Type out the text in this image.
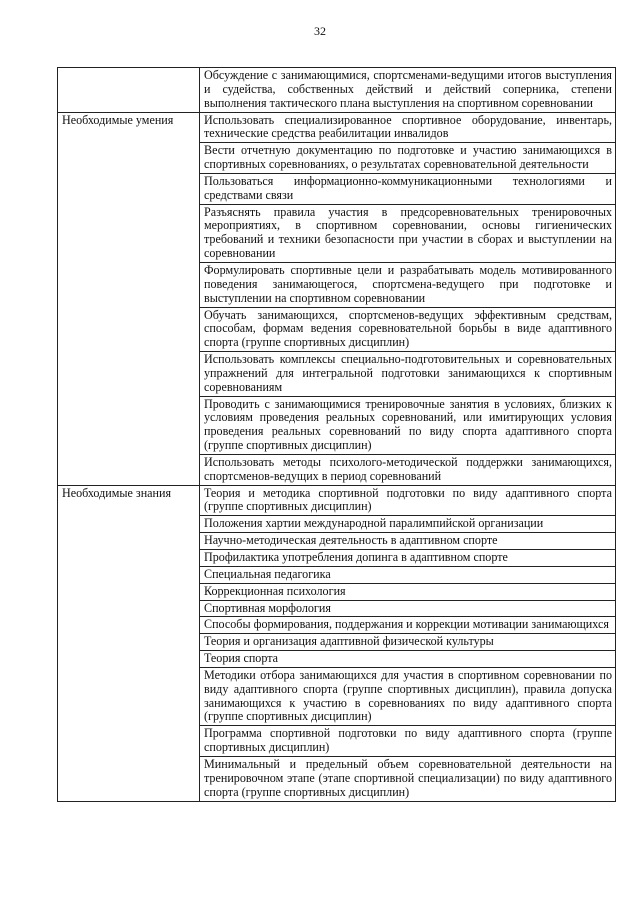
32
	Обсуждение с занимающимися, спортсменами-ведущими итогов выступления и судейства, собственных действий и действий соперника, степени выполнения тактического плана выступления на спортивном соревновании
Необходимые умения	Использовать специализированное спортивное оборудование, инвентарь, технические средства реабилитации инвалидов
	Вести отчетную документацию по подготовке и участию занимающихся в спортивных соревнованиях, о результатах соревновательной деятельности
	Пользоваться информационно-коммуникационными технологиями и средствами связи
	Разъяснять правила участия в предсоревновательных тренировочных мероприятиях, в спортивном соревновании, основы гигиенических требований и техники безопасности при участии в сборах и выступлении на соревновании
	Формулировать спортивные цели и разрабатывать модель мотивированного поведения занимающегося, спортсмена-ведущего при подготовке и выступлении на спортивном соревновании
	Обучать занимающихся, спортсменов-ведущих эффективным средствам, способам, формам ведения соревновательной борьбы в виде адаптивного спорта (группе спортивных дисциплин)
	Использовать комплексы специально-подготовительных и соревновательных упражнений для интегральной подготовки занимающихся к спортивным соревнованиям
	Проводить с занимающимися тренировочные занятия в условиях, близких к условиям проведения реальных соревнований, или имитирующих условия проведения реальных соревнований по виду спорта адаптивного спорта (группе спортивных дисциплин)
	Использовать методы психолого-методической поддержки занимающихся, спортсменов-ведущих в период соревнований
Необходимые знания	Теория и методика спортивной подготовки по виду адаптивного спорта (группе спортивных дисциплин)
	Положения хартии международной паралимпийской организации
	Научно-методическая деятельность в адаптивном спорте
	Профилактика употребления допинга в адаптивном спорте
	Специальная педагогика
	Коррекционная психология
	Спортивная морфология
	Способы формирования, поддержания и коррекции мотивации занимающихся
	Теория и организация адаптивной физической культуры
	Теория спорта
	Методики отбора занимающихся для участия в спортивном соревновании по виду адаптивного спорта (группе спортивных дисциплин), правила допуска занимающихся к участию в соревнованиях по виду адаптивного спорта (группе спортивных дисциплин)
	Программа спортивной подготовки по виду адаптивного спорта (группе спортивных дисциплин)
	Минимальный и предельный объем соревновательной деятельности на тренировочном этапе (этапе спортивной специализации) по виду адаптивного спорта (группе спортивных дисциплин)
